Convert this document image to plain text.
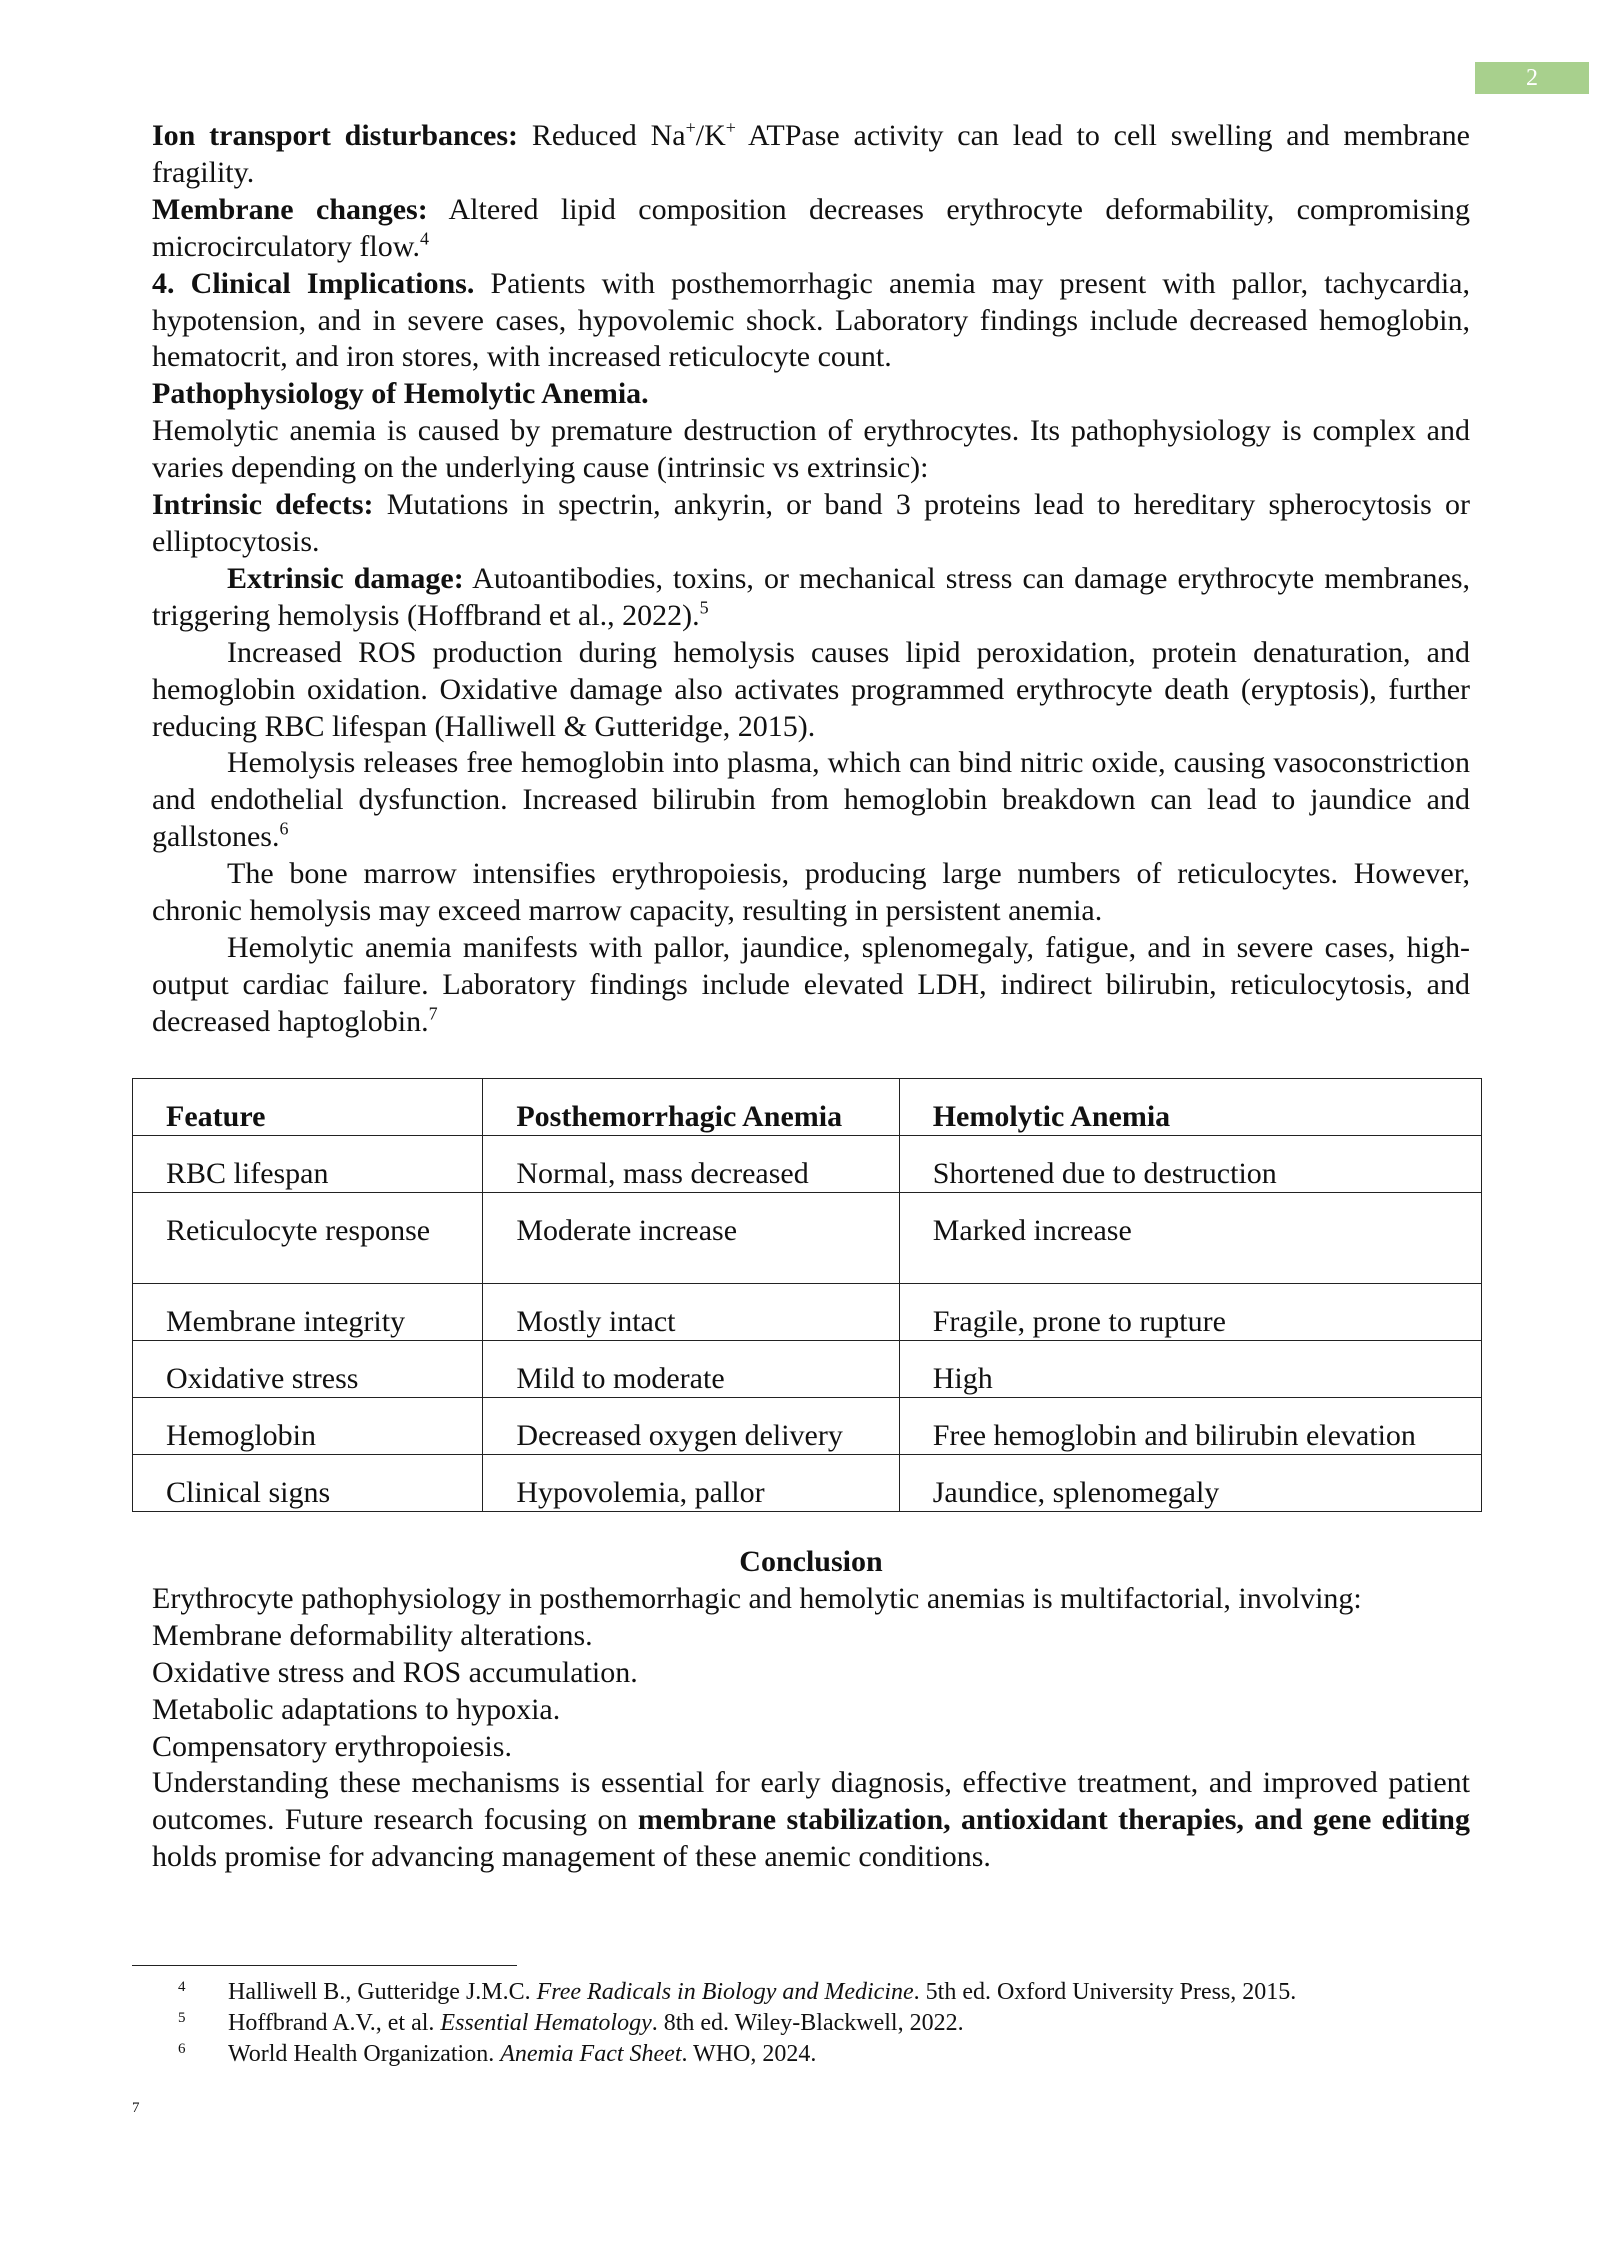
2

Ion transport disturbances: Reduced Na+/K+ ATPase activity can lead to cell swelling and membrane fragility.

Membrane changes: Altered lipid composition decreases erythrocyte deformability, compromising microcirculatory flow.$^4$

4. Clinical Implications. Patients with posthemorrhagic anemia may present with pallor, tachycardia, hypotension, and in severe cases, hypovolemic shock. Laboratory findings include decreased hemoglobin, hematocrit, and iron stores, with increased reticulocyte count.

Pathophysiology of Hemolytic Anemia.

Hemolytic anemia is caused by premature destruction of erythrocytes. Its pathophysiology is complex and varies depending on the underlying cause (intrinsic vs extrinsic):

Intrinsic defects: Mutations in spectrin, ankyrin, or band 3 proteins lead to hereditary spherocytosis or elliptocytosis.

Extrinsic damage: Autoantibodies, toxins, or mechanical stress can damage erythrocyte membranes, triggering hemolysis (Hoffbrand et al., 2022).$^5$

Increased ROS production during hemolysis causes lipid peroxidation, protein denaturation, and hemoglobin oxidation. Oxidative damage also activates programmed erythrocyte death (eryptosis), further reducing RBC lifespan (Halliwell & Gutteridge, 2015).

Hemolysis releases free hemoglobin into plasma, which can bind nitric oxide, causing vasoconstriction and endothelial dysfunction. Increased bilirubin from hemoglobin breakdown can lead to jaundice and gallstones.$^6$

The bone marrow intensifies erythropoiesis, producing large numbers of reticulocytes. However, chronic hemolysis may exceed marrow capacity, resulting in persistent anemia.

Hemolytic anemia manifests with pallor, jaundice, splenomegaly, fatigue, and in severe cases, high-output cardiac failure. Laboratory findings include elevated LDH, indirect bilirubin, reticulocytosis, and decreased haptoglobin.$^7$

Feature	Posthemorrhagic Anemia	Hemolytic Anemia
RBC lifespan	Normal, mass decreased	Shortened due to destruction
Reticulocyte response	Moderate increase	Marked increase
Membrane integrity	Mostly intact	Fragile, prone to rupture
Oxidative stress	Mild to moderate	High
Hemoglobin	Decreased oxygen delivery	Free hemoglobin and bilirubin elevation
Clinical signs	Hypovolemia, pallor	Jaundice, splenomegaly

Conclusion

Erythrocyte pathophysiology in posthemorrhagic and hemolytic anemias is multifactorial, involving:

Membrane deformability alterations.

Oxidative stress and ROS accumulation.

Metabolic adaptations to hypoxia.

Compensatory erythropoiesis.

Understanding these mechanisms is essential for early diagnosis, effective treatment, and improved patient outcomes. Future research focusing on membrane stabilization, antioxidant therapies, and gene editing holds promise for advancing management of these anemic conditions.

4	Halliwell B., Gutteridge J.M.C. Free Radicals in Biology and Medicine. 5th ed. Oxford University Press, 2015.
5	Hoffbrand A.V., et al. Essential Hematology. 8th ed. Wiley-Blackwell, 2022.
6	World Health Organization. Anemia Fact Sheet. WHO, 2024.
7
